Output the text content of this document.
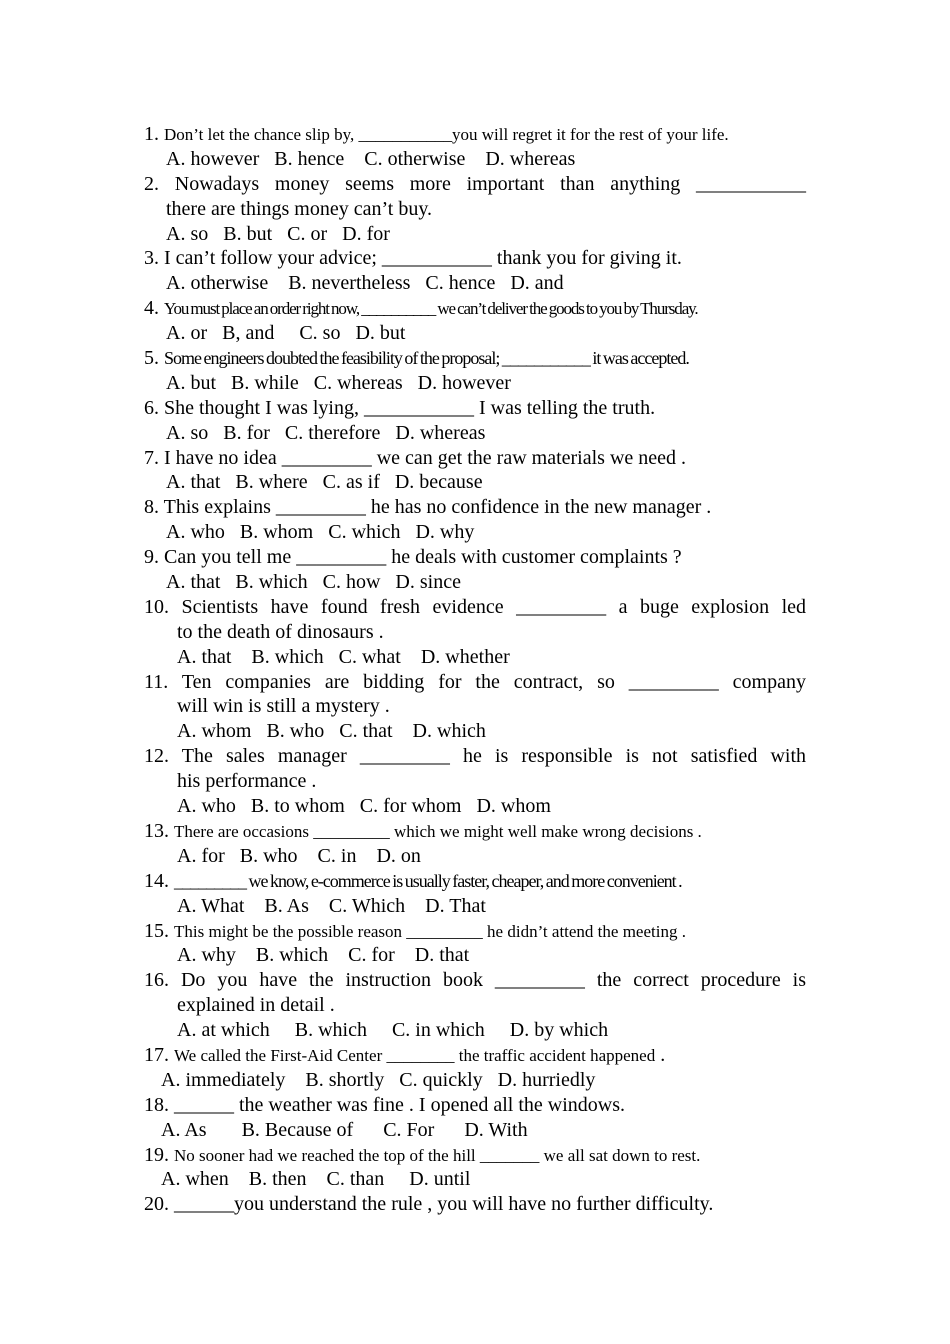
1. Don’t let the chance slip by, ___________you will regret it for the rest of your life.
A. however   B. hence    C. otherwise    D. whereas
2. Nowadays money seems more important than anything ___________
there are things money can’t buy.
A. so   B. but   C. or   D. for
3. I can’t follow your advice; ___________ thank you for giving it.
A. otherwise    B. nevertheless   C. hence   D. and
4. You must place an order right now, __________ we can’t deliver the goods to you by Thursday.
A. or   B, and     C. so   D. but
5. Some engineers doubted the feasibility of the proposal; ___________ it was accepted.
A. but   B. while   C. whereas   D. however
6. She thought I was lying, ___________ I was telling the truth.
A. so   B. for   C. therefore   D. whereas
7. I have no idea _________ we can get the raw materials we need .
A. that   B. where   C. as if   D. because
8. This explains _________ he has no confidence in the new manager .
A. who   B. whom   C. which   D. why
9. Can you tell me _________ he deals with customer complaints ?
A. that   B. which   C. how   D. since
10. Scientists have found fresh evidence _________ a buge explosion led
to the death of dinosaurs .
A. that    B. which   C. what    D. whether
11. Ten companies are bidding for the contract, so _________ company
will win is still a mystery .
A. whom   B. who   C. that    D. which
12. The sales manager _________ he is responsible is not satisfied with
his performance .
A. who   B. to whom   C. for whom   D. whom
13. There are occasions _________ which we might well make wrong decisions .
A. for   B. who    C. in    D. on
14. _________ we know, e-commerce is usually faster, cheaper, and more convenient .
A. What    B. As    C. Which    D. That
15. This might be the possible reason _________ he didn’t attend the meeting .
A. why    B. which    C. for    D. that
16. Do you have the instruction book _________ the correct procedure is
explained in detail .
A. at which     B. which     C. in which     D. by which
17. We called the First-Aid Center ________ the traffic accident happened .
A. immediately    B. shortly   C. quickly   D. hurriedly
18. ______ the weather was fine . I opened all the windows.
A. As       B. Because of      C. For      D. With
19. No sooner had we reached the top of the hill _______ we all sat down to rest.
A. when    B. then    C. than     D. until
20. ______you understand the rule , you will have no further difficulty.
